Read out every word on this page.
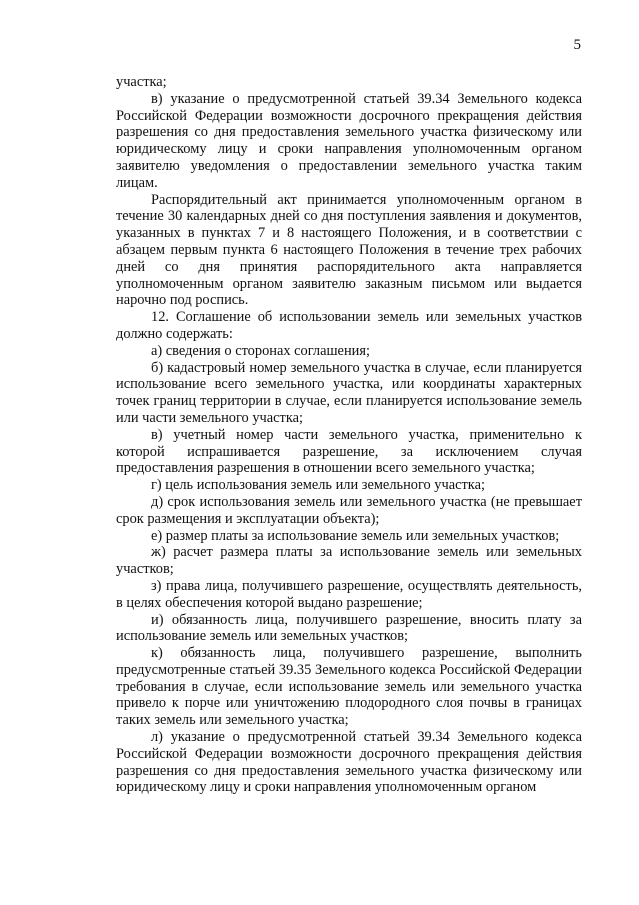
5

участка;

в) указание о предусмотренной статьей 39.34 Земельного кодекса Российской Федерации возможности досрочного прекращения действия разрешения со дня предоставления земельного участка физическому или юридическому лицу и сроки направления уполномоченным органом заявителю уведомления о предоставлении земельного участка таким лицам.

Распорядительный акт принимается уполномоченным органом в течение 30 календарных дней со дня поступления заявления и документов, указанных в пунктах 7 и 8 настоящего Положения, и в соответствии с абзацем первым пункта 6 настоящего Положения в течение трех рабочих дней со дня принятия распорядительного акта направляется уполномоченным органом заявителю заказным письмом или выдается нарочно под роспись.

12. Соглашение об использовании земель или земельных участков должно содержать:

а) сведения о сторонах соглашения;

б) кадастровый номер земельного участка в случае, если планируется использование всего земельного участка, или координаты характерных точек границ территории в случае, если планируется использование земель или части земельного участка;

в) учетный номер части земельного участка, применительно к которой испрашивается разрешение, за исключением случая предоставления разрешения в отношении всего земельного участка;

г) цель использования земель или земельного участка;

д) срок использования земель или земельного участка (не превышает срок размещения и эксплуатации объекта);

е) размер платы за использование земель или земельных участков;

ж) расчет размера платы за использование земель или земельных участков;

з) права лица, получившего разрешение, осуществлять деятельность, в целях обеспечения которой выдано разрешение;

и) обязанность лица, получившего разрешение, вносить плату за использование земель или земельных участков;

к) обязанность лица, получившего разрешение, выполнить предусмотренные статьей 39.35 Земельного кодекса Российской Федерации требования в случае, если использование земель или земельного участка привело к порче или уничтожению плодородного слоя почвы в границах таких земель или земельного участка;

л) указание о предусмотренной статьей 39.34 Земельного кодекса Российской Федерации возможности досрочного прекращения действия разрешения со дня предоставления земельного участка физическому или юридическому лицу и сроки направления уполномоченным органом
